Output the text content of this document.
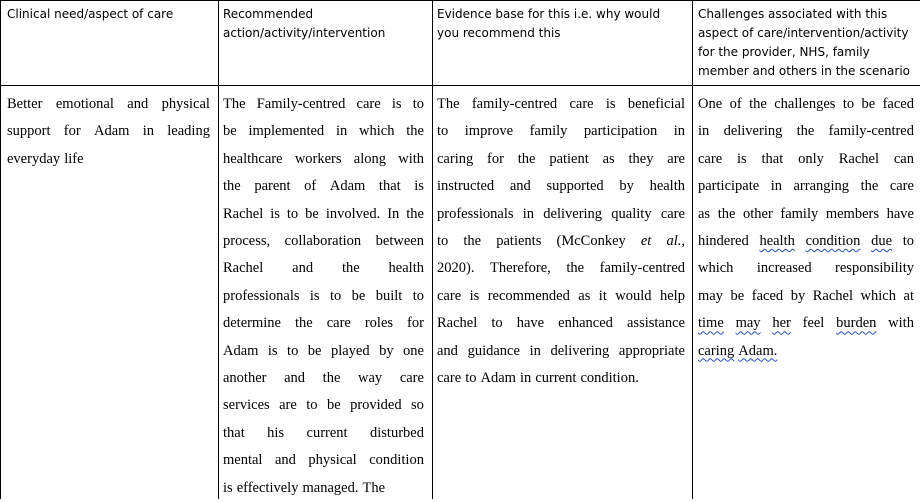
Clinical need/aspect of care	Recommended
action/activity/intervention
Evidence base for this i.e. why would
you recommend this
Challenges associated with this
aspect of care/intervention/activity
for the provider, NHS, family
member and others in the scenario
Better emotional and physical
support for Adam in leading
everyday life
The Family-centred care is to
be implemented in which the
healthcare workers along with
the parent of Adam that is
Rachel is to be involved. In the
process, collaboration between
Rachel and the health
professionals is to be built to
determine the care roles for
Adam is to be played by one
another and the way care
services are to be provided so
that his current disturbed
mental and physical condition
is effectively managed. The
The family-centred care is beneficial
to improve family participation in
caring for the patient as they are
instructed and supported by health
professionals in delivering quality care
to the patients (McConkey et al.,
2020). Therefore, the family-centred
care is recommended as it would help
Rachel to have enhanced assistance
and guidance in delivering appropriate
care to Adam in current condition.
One of the challenges to be faced
in delivering the family-centred
care is that only Rachel can
participate in arranging the care
as the other family members have
hindered health condition due to
which increased responsibility
may be faced by Rachel which at
time may her feel burden with
caring Adam.
